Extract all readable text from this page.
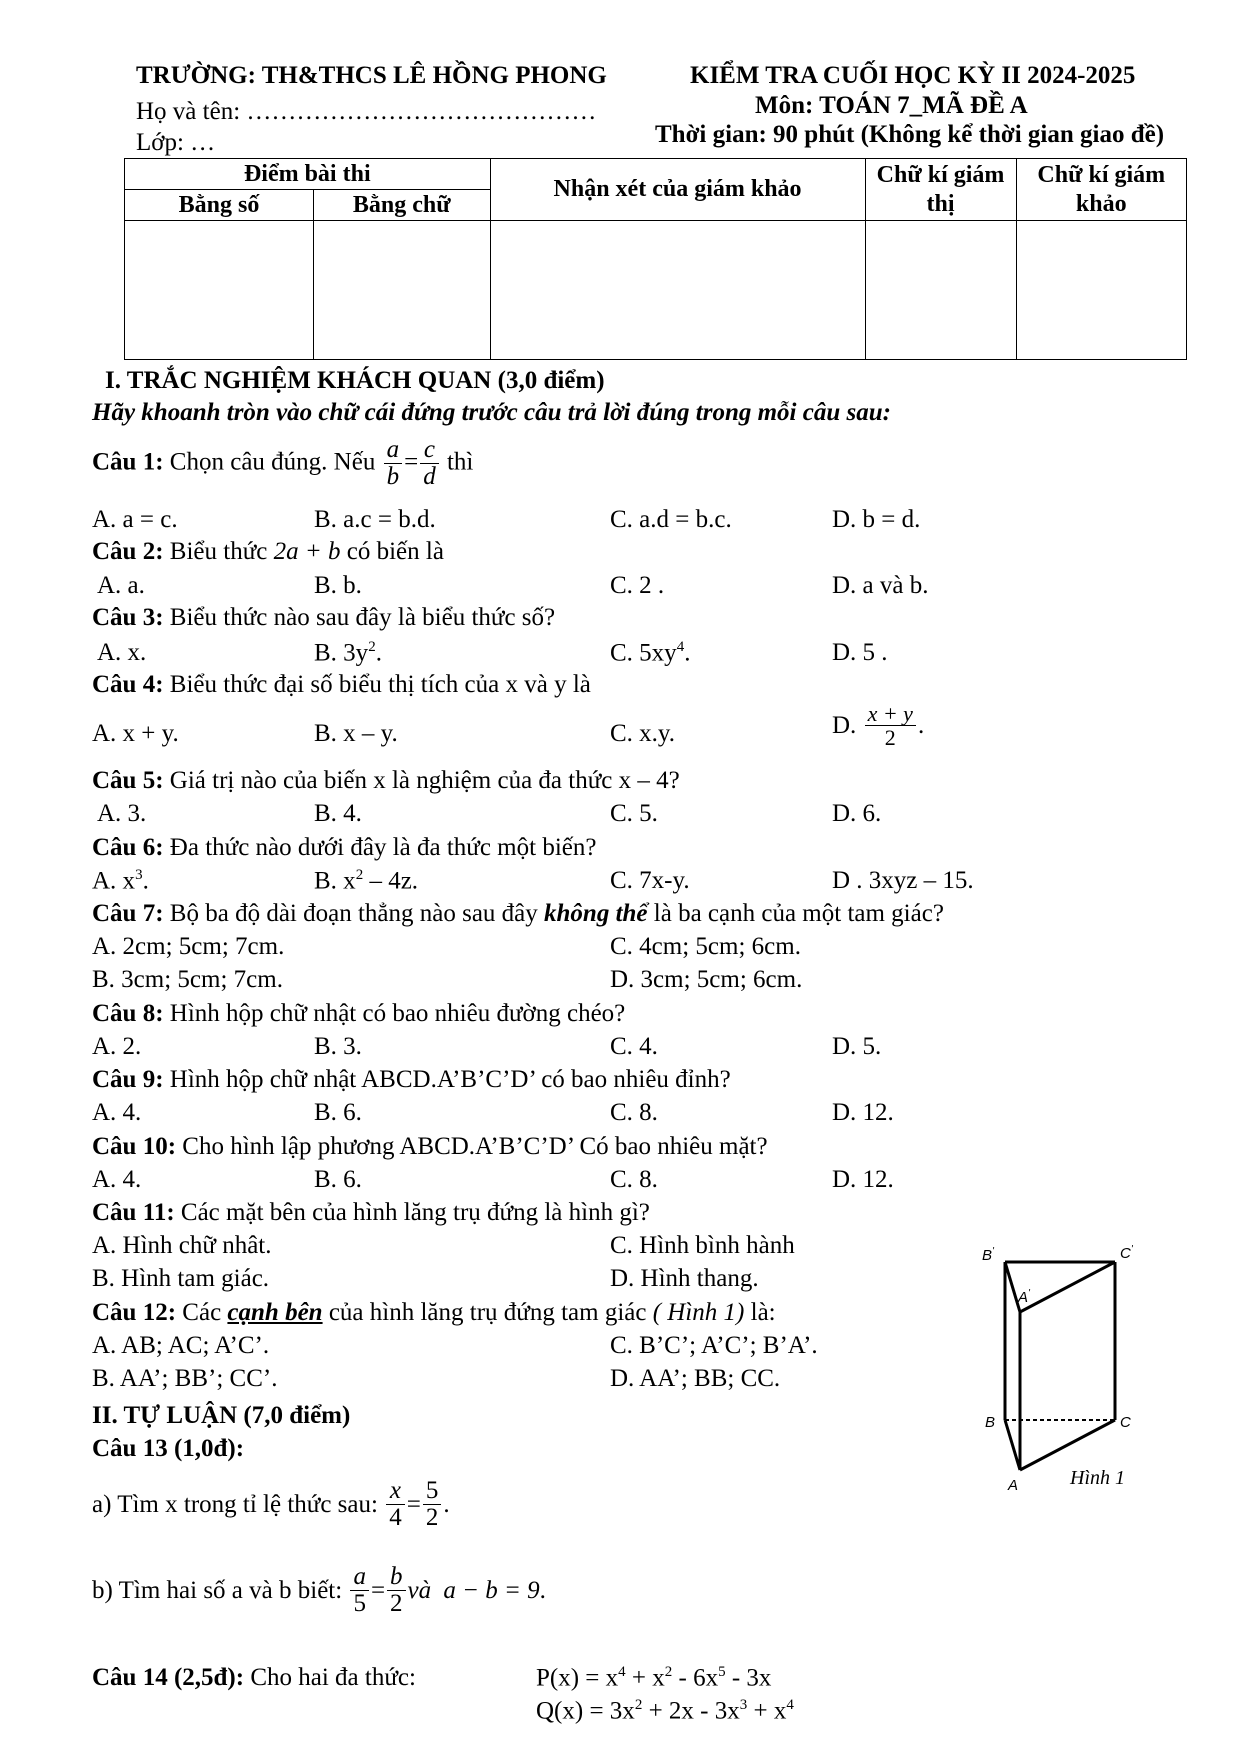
TRƯỜNG: TH&THCS LÊ HỒNG PHONG
Họ và tên: ……………………………………
Lớp: …
KIỂM TRA CUỐI HỌC KỲ II 2024-2025
Môn: TOÁN 7_MÃ ĐỀ A
Thời gian: 90 phút (Không kể thời gian giao đề)
Điểm bài thi		Nhận xét của giám khảo	Chữ kí giám thị	Chữ kí giám khảo
Bằng số	Bằng chữ			

I. TRẮC NGHIỆM KHÁCH QUAN (3,0 điểm)
Hãy khoanh tròn vào chữ cái đứng trước câu trả lời đúng trong mỗi câu sau:
Câu 1: Chọn câu đúng. Nếu $\frac{a}{b} = \frac{c}{d}$ thì
A. a = c.	B. a.c = b.d.	C. a.d = b.c.	D. b = d.
Câu 2: Biểu thức 2a + b có biến là
A. a.	B. b.	C. 2 .	D. a và b.
Câu 3: Biểu thức nào sau đây là biểu thức số?
A. x.	B. $3y^2$.	C. $5xy^4$.	D. 5 .
Câu 4: Biểu thức đại số biểu thị tích của x và y là
A. x + y.	B. x – y.	C. x.y.	D. $\frac{x + y}{2}$ .
Câu 5: Giá trị nào của biến x là nghiệm của đa thức x – 4?
A. 3.	B. 4.	C. 5.	D. 6.
Câu 6: Đa thức nào dưới đây là đa thức một biến?
A. $x^3$.	B. $x^2 - 4z$.	C. 7x-y.	D . 3xyz – 15.
Câu 7: Bộ ba độ dài đoạn thẳng nào sau đây không thể là ba cạnh của một tam giác?
A. 2cm; 5cm; 7cm.	C. 4cm; 5cm; 6cm.
B. 3cm; 5cm; 7cm.	D. 3cm; 5cm; 6cm.
Câu 8: Hình hộp chữ nhật có bao nhiêu đường chéo?
A. 2.	B. 3.	C. 4.	D. 5.
Câu 9: Hình hộp chữ nhật ABCD.A’B’C’D’ có bao nhiêu đỉnh?
A. 4.	B. 6.	C. 8.	D. 12.
Câu 10: Cho hình lập phương ABCD.A’B’C’D’ Có bao nhiêu mặt?
A. 4.	B. 6.	C. 8.	D. 12.
Câu 11: Các mặt bên của hình lăng trụ đứng là hình gì?
A. Hình chữ nhât.	C. Hình bình hành
B. Hình tam giác.	D. Hình thang.
Câu 12: Các cạnh bên của hình lăng trụ đứng tam giác ( Hình 1) là:
A. AB; AC; A’C’.	C. B’C’; A’C’; B’A’.
B. AA’; BB’; CC’.	D. AA’; BB; CC.
B'	C'
A'
B	C
A	Hình 1
II. TỰ LUẬN (7,0 điểm)
Câu 13 (1,0đ):
a) Tìm x trong tỉ lệ thức sau: $\frac{x}{4} = \frac{5}{2}$ .
b) Tìm hai số a và b biết: $\frac{a}{5} = \frac{b}{2}$ và a − b = 9.
Câu 14 (2,5đ): Cho hai đa thức:	$P(x) = x^4 + x^2 - 6x^5 - 3x$
$Q(x) = 3x^2 + 2x - 3x^3 + x^4$
